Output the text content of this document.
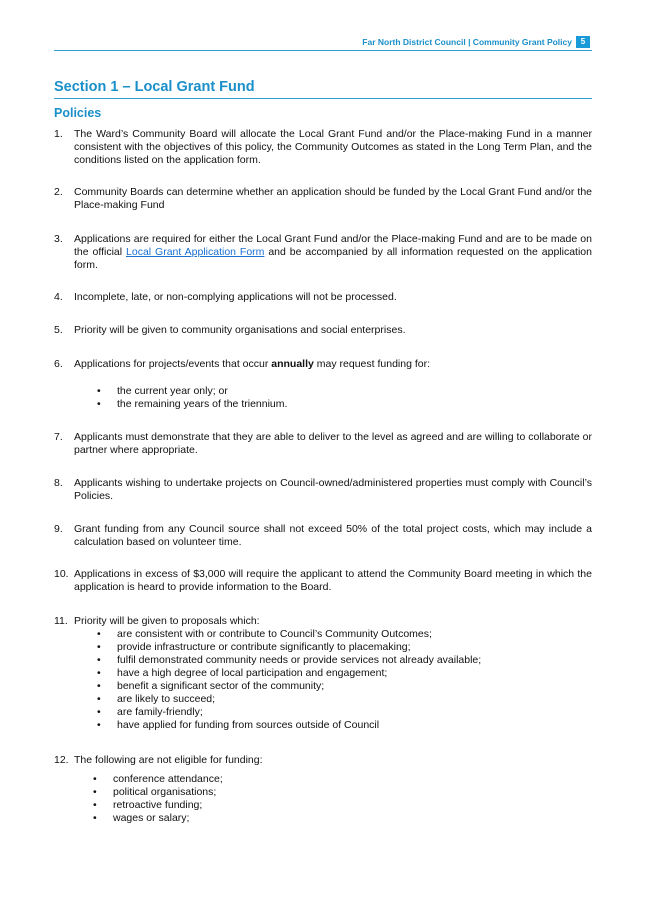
Far North District Council | Community Grant Policy	5
Section 1 – Local Grant Fund
Policies
1.	The Ward’s Community Board will allocate the Local Grant Fund and/or the Place-making Fund in a manner consistent with the objectives of this policy, the Community Outcomes as stated in the Long Term Plan, and the conditions listed on the application form.
2.	Community Boards can determine whether an application should be funded by the Local Grant Fund and/or the Place-making Fund
3.	Applications are required for either the Local Grant Fund and/or the Place-making Fund and are to be made on the official Local Grant Application Form and be accompanied by all information requested on the application form.
4.	Incomplete, late, or non-complying applications will not be processed.
5.	Priority will be given to community organisations and social enterprises.
6.	Applications for projects/events that occur annually may request funding for:
• the current year only; or
• the remaining years of the triennium.
7.	Applicants must demonstrate that they are able to deliver to the level as agreed and are willing to collaborate or partner where appropriate.
8.	Applicants wishing to undertake projects on Council-owned/administered properties must comply with Council’s Policies.
9.	Grant funding from any Council source shall not exceed 50% of the total project costs, which may include a calculation based on volunteer time.
10. Applications in excess of $3,000 will require the applicant to attend the Community Board meeting in which the application is heard to provide information to the Board.
11. Priority will be given to proposals which:
• are consistent with or contribute to Council’s Community Outcomes;
• provide infrastructure or contribute significantly to placemaking;
• fulfil demonstrated community needs or provide services not already available;
• have a high degree of local participation and engagement;
• benefit a significant sector of the community;
• are likely to succeed;
• are family-friendly;
• have applied for funding from sources outside of Council
12. The following are not eligible for funding:
• conference attendance;
• political organisations;
• retroactive funding;
• wages or salary;
